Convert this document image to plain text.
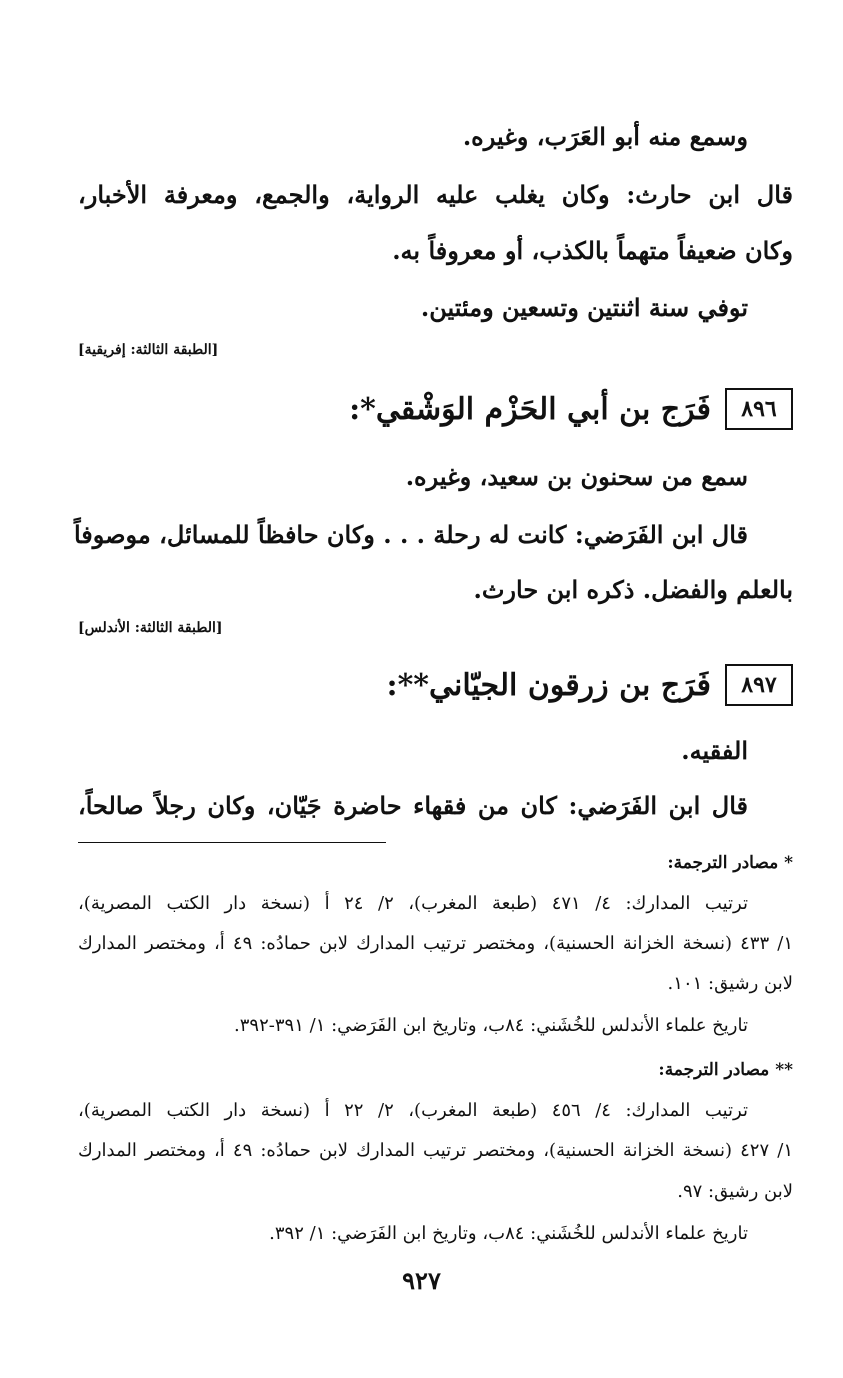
وسمع منه أبو العَرَب، وغيره.
قال ابن حارث: وكان يغلب عليه الرواية، والجمع، ومعرفة الأخبار،
وكان ضعيفاً متهماً بالكذب، أو معروفاً به.
توفي سنة اثنتين وتسعين ومئتين.
[الطبقة الثالثة: إفريقية]
٨٩٦
فَرَج بن أبي الحَزْم الوَشْقي*:
سمع من سحنون بن سعيد، وغيره.
قال ابن الفَرَضي: كانت له رحلة . . . وكان حافظاً للمسائل، موصوفاً
بالعلم والفضل. ذكره ابن حارث.
[الطبقة الثالثة: الأندلس]
٨٩٧
فَرَج بن زرقون الجيّاني**:
الفقيه.
قال ابن الفَرَضي: كان من فقهاء حاضرة جَيّان، وكان رجلاً صالحاً،
* مصادر الترجمة:
ترتيب المدارك: ٤/ ٤٧١ (طبعة المغرب)، ٢/ ٢٤ أ (نسخة دار الكتب المصرية)،
١/ ٤٣٣ (نسخة الخزانة الحسنية)، ومختصر ترتيب المدارك لابن حمادُه: ٤٩ أ، ومختصر المدارك
لابن رشيق: ١٠١.
تاريخ علماء الأندلس للخُشَني: ٨٤ب، وتاريخ ابن الفَرَضي: ١/ ٣٩١-٣٩٢.
** مصادر الترجمة:
ترتيب المدارك: ٤/ ٤٥٦ (طبعة المغرب)، ٢/ ٢٢ أ (نسخة دار الكتب المصرية)،
١/ ٤٢٧ (نسخة الخزانة الحسنية)، ومختصر ترتيب المدارك لابن حمادُه: ٤٩ أ، ومختصر المدارك
لابن رشيق: ٩٧.
تاريخ علماء الأندلس للخُشَني: ٨٤ب، وتاريخ ابن الفَرَضي: ١/ ٣٩٢.
٩٢٧
